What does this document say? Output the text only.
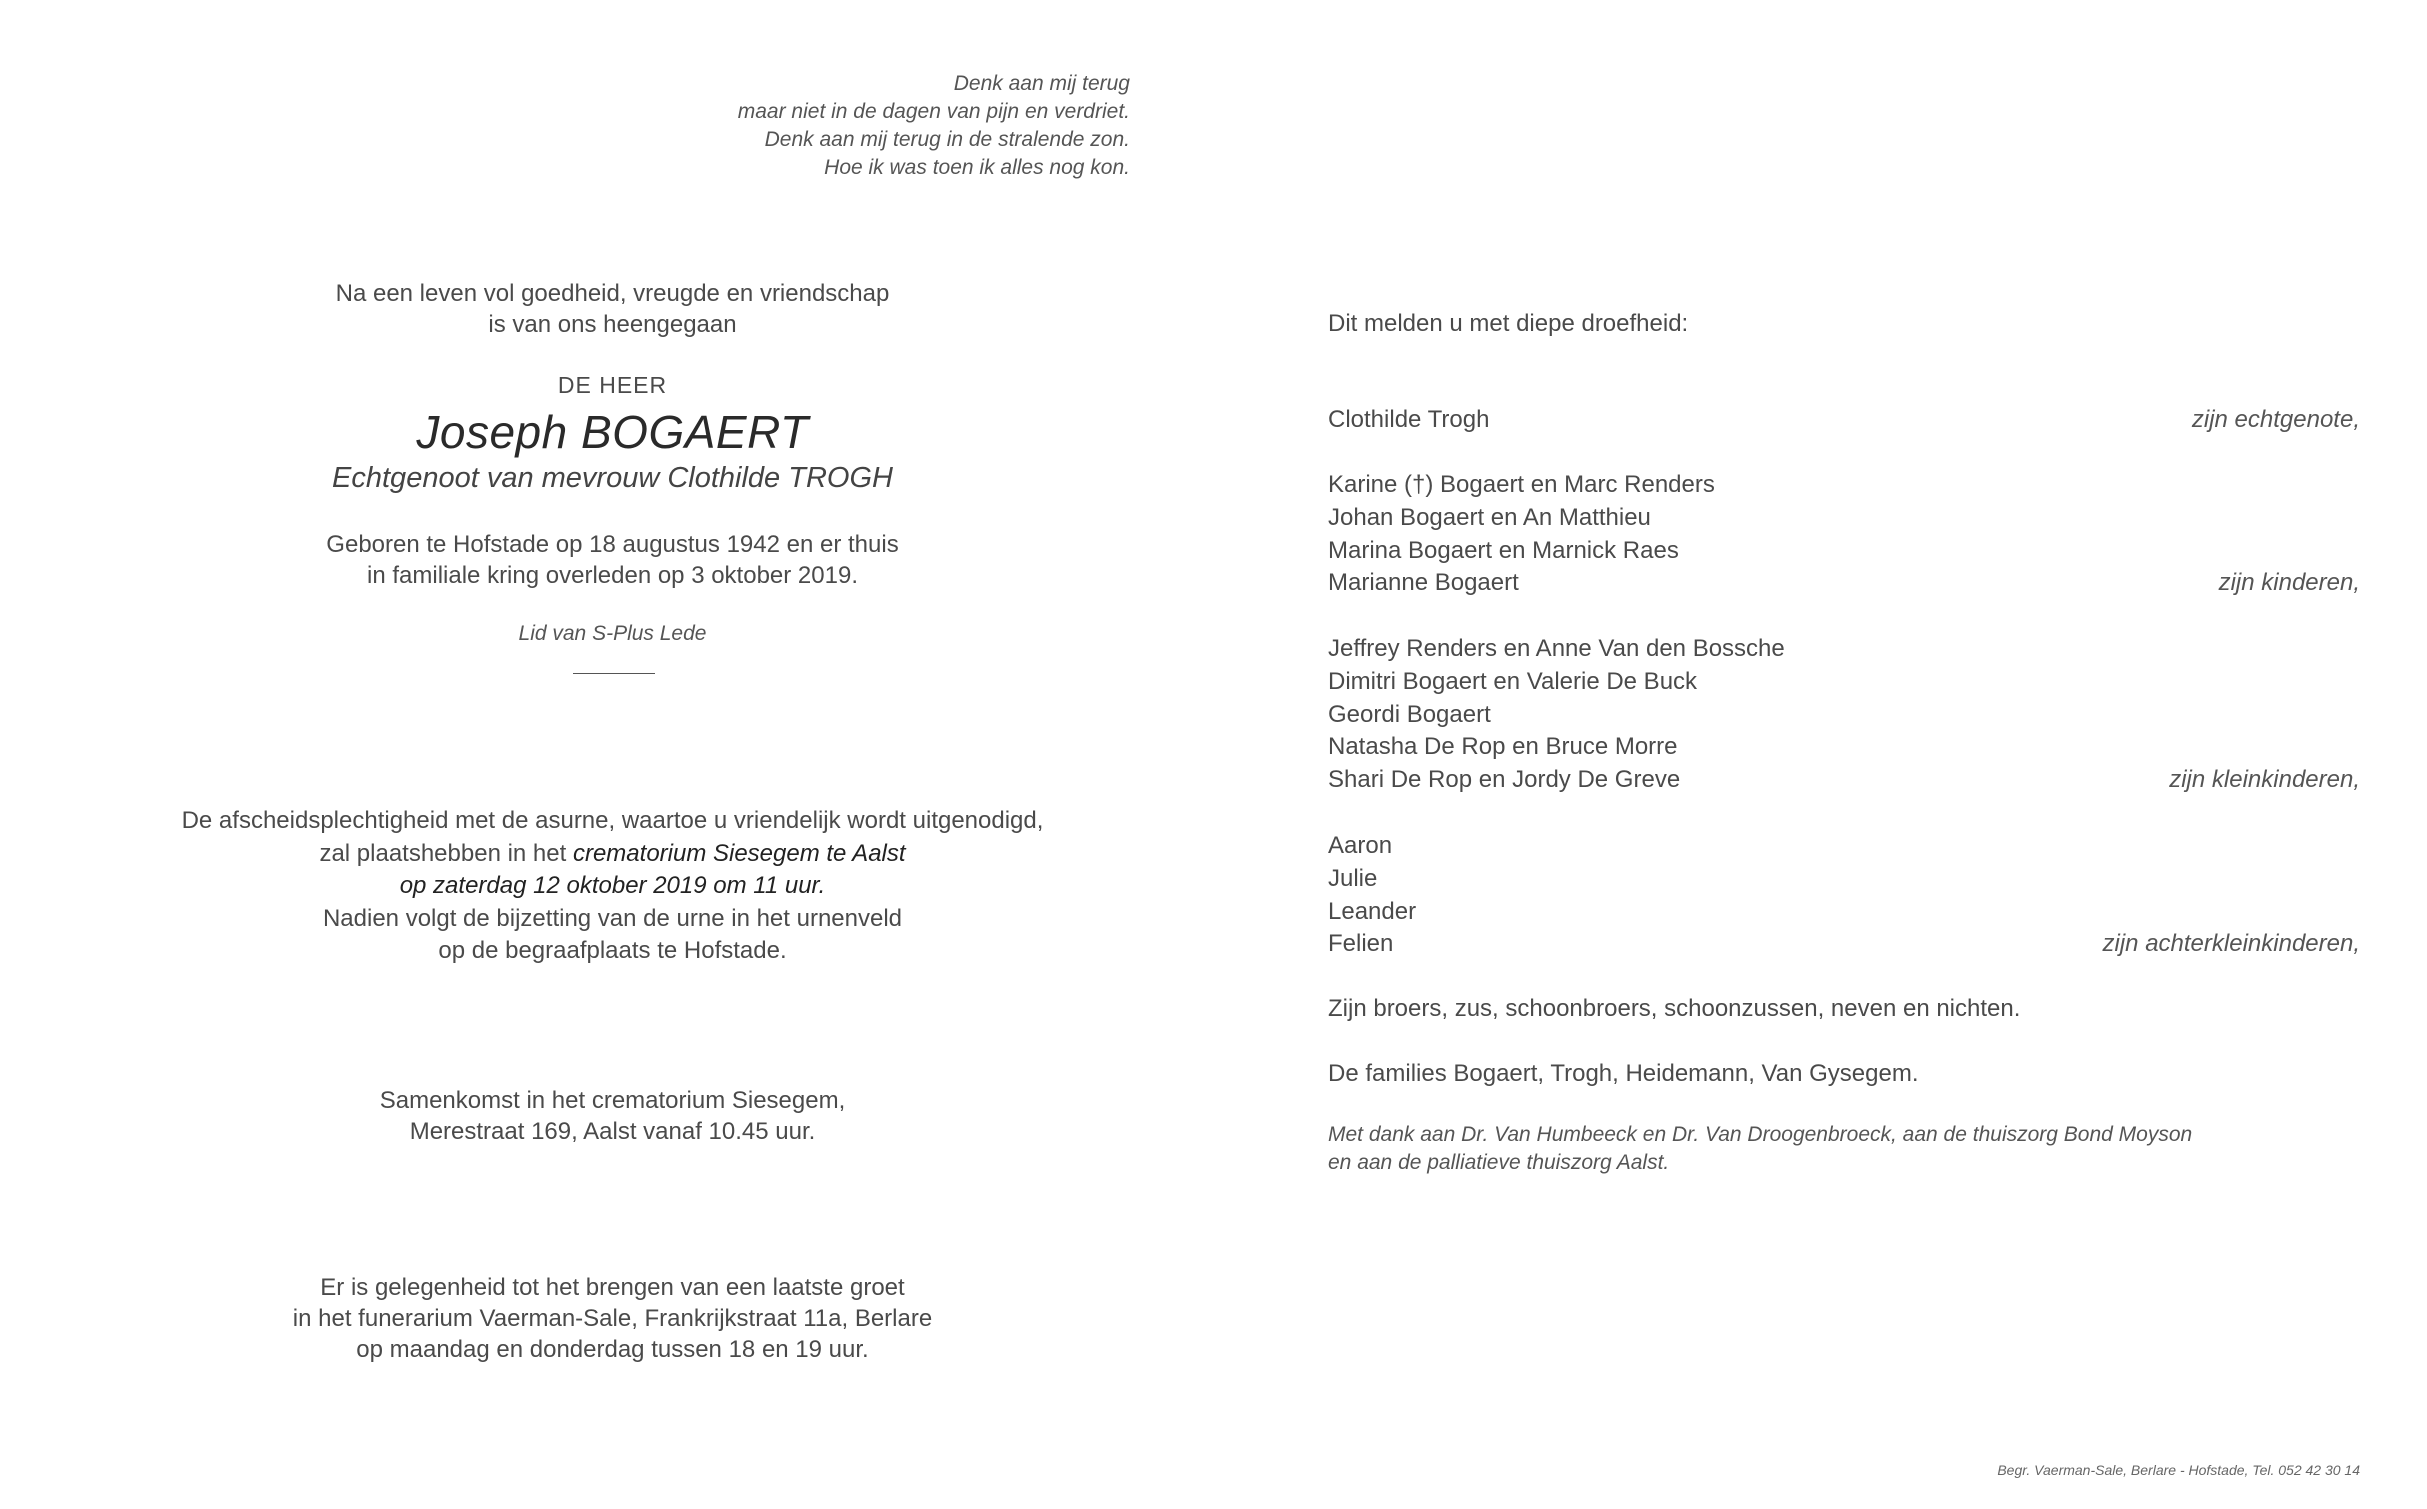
Denk aan mij terug
maar niet in de dagen van pijn en verdriet.
Denk aan mij terug in de stralende zon.
Hoe ik was toen ik alles nog kon.
Na een leven vol goedheid, vreugde en vriendschap
is van ons heengegaan
DE HEER
Joseph BOGAERT
Echtgenoot van mevrouw Clothilde TROGH
Geboren te Hofstade op 18 augustus 1942 en er thuis
in familiale kring overleden op 3 oktober 2019.
Lid van S-Plus Lede
De afscheidsplechtigheid met de asurne, waartoe u vriendelijk wordt uitgenodigd,
zal plaatshebben in het crematorium Siesegem te Aalst
op zaterdag 12 oktober 2019 om 11 uur.
Nadien volgt de bijzetting van de urne in het urnenveld
op de begraafplaats te Hofstade.
Samenkomst in het crematorium Siesegem,
Merestraat 169, Aalst vanaf 10.45 uur.
Er is gelegenheid tot het brengen van een laatste groet
in het funerarium Vaerman-Sale, Frankrijkstraat 11a, Berlare
op maandag en donderdag tussen 18 en 19 uur.
Dit melden u met diepe droefheid:
Clothilde Trogh	zijn echtgenote,
Karine (†) Bogaert en Marc Renders
Johan Bogaert en An Matthieu
Marina Bogaert en Marnick Raes
Marianne Bogaert	zijn kinderen,
Jeffrey Renders en Anne Van den Bossche
Dimitri Bogaert en Valerie De Buck
Geordi Bogaert
Natasha De Rop en Bruce Morre
Shari De Rop en Jordy De Greve	zijn kleinkinderen,
Aaron
Julie
Leander
Felien	zijn achterkleinkinderen,
Zijn broers, zus, schoonbroers, schoonzussen, neven en nichten.
De families Bogaert, Trogh, Heidemann, Van Gysegem.
Met dank aan Dr. Van Humbeeck en Dr. Van Droogenbroeck, aan de thuiszorg Bond Moyson
en aan de palliatieve thuiszorg Aalst.
Begr. Vaerman-Sale, Berlare - Hofstade, Tel. 052 42 30 14
